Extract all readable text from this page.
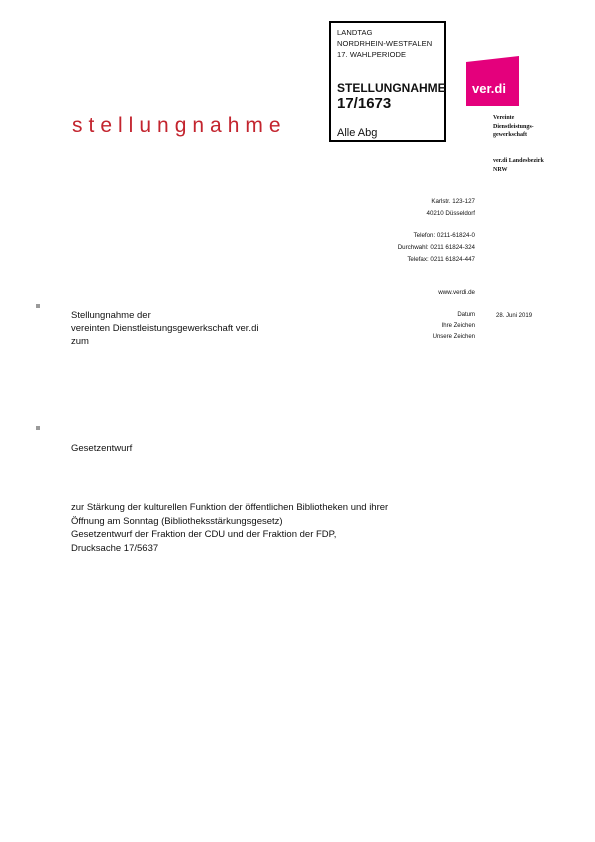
LANDTAG
NORDRHEIN-WESTFALEN
17. WAHLPERIODE
STELLUNGNAHME
17/1673
Alle Abg
ver.di
stellungnahme	Vereinte
Dienstleistungs-
gewerkschaft
ver.di Landesbezirk
NRW
Karlstr. 123-127
40210 Düsseldorf
Telefon: 0211-61824-0
Durchwahl: 0211 61824-324
Telefax: 0211 61824-447
www.verdi.de
Datum
Ihre Zeichen
Unsere Zeichen
28. Juni 2019
Stellungnahme der
vereinten Dienstleistungsgewerkschaft ver.di
zum
Gesetzentwurf
zur Stärkung der kulturellen Funktion der öffentlichen Bibliotheken und ihrer
Öffnung am Sonntag (Bibliotheksstärkungsgesetz)
Gesetzentwurf der Fraktion der CDU und der Fraktion der FDP,
Drucksache 17/5637
